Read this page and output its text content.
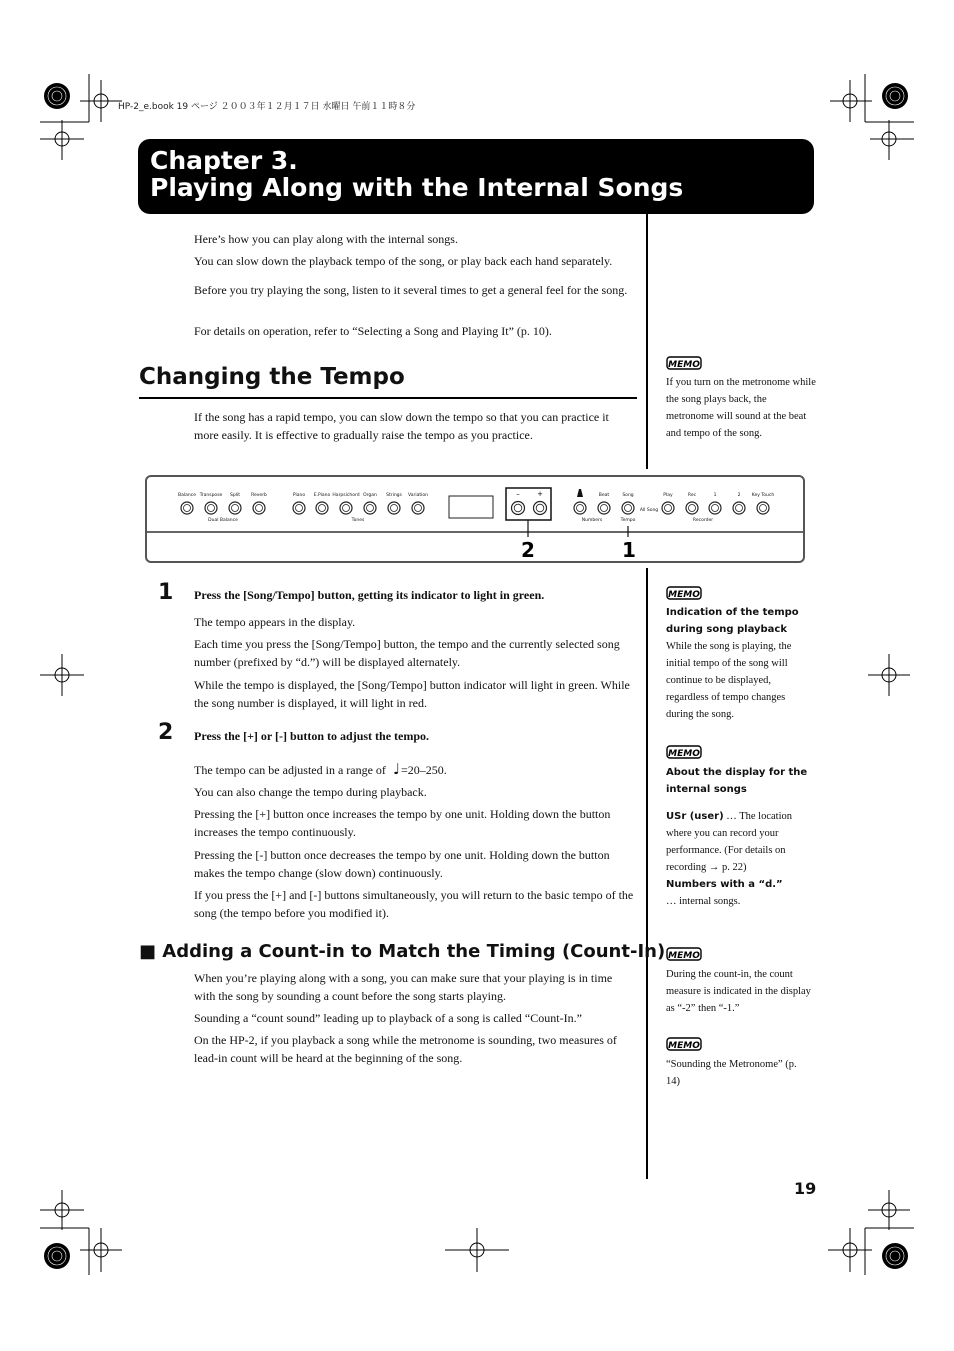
HP-2_e.book 19 ページ ２００３年１２月１７日 水曜日 午前１１時８分
Chapter 3.
Playing Along with the Internal Songs
Here’s how you can play along with the internal songs.
You can slow down the playback tempo of the song, or play back each hand separately.
Before you try playing the song, listen to it several times to get a general feel for the song.
For details on operation, refer to “Selecting a Song and Playing It” (p. 10).
Changing the Tempo
If the song has a rapid tempo, you can slow down the tempo so that you can practice it more easily. It is effective to gradually raise the tempo as you practice.
MEMO
If you turn on the metronome while the song plays back, the metronome will sound at the beat and tempo of the song.
Balance Transpose Split Reverb
Dual Balance
Piano E.Piano Harpsichord Organ Strings Variation
Tones
Beat	Song
Numbers	Tempo
Play	Rec	1	2	Key Touch
All Song
Recorder
– +
2	1
1 Press the [Song/Tempo] button, getting its indicator to light in green.
The tempo appears in the display.
Each time you press the [Song/Tempo] button, the tempo and the currently selected song number (prefixed by “d.”) will be displayed alternately.
While the tempo is displayed, the [Song/Tempo] button indicator will light in green. While the song number is displayed, it will light in red.
2 Press the [+] or [-] button to adjust the tempo.
The tempo can be adjusted in a range of ♩=20–250.
You can also change the tempo during playback.
Pressing the [+] button once increases the tempo by one unit. Holding down the button increases the tempo continuously.
Pressing the [-] button once decreases the tempo by one unit. Holding down the button makes the tempo change (slow down) continuously.
If you press the [+] and [-] buttons simultaneously, you will return to the basic tempo of the song (the tempo before you modified it).
■ Adding a Count-in to Match the Timing (Count-In)
When you’re playing along with a song, you can make sure that your playing is in time with the song by sounding a count before the song starts playing.
Sounding a “count sound” leading up to playback of a song is called “Count-In.”
On the HP-2, if you playback a song while the metronome is sounding, two measures of lead-in count will be heard at the beginning of the song.
MEMO
Indication of the tempo during song playback
While the song is playing, the initial tempo of the song will continue to be displayed, regardless of tempo changes during the song.
MEMO
About the display for the internal songs
USr (user) … The location where you can record your performance. (For details on recording → p. 22)
Numbers with a “d.”
… internal songs.
MEMO
During the count-in, the count measure is indicated in the display as “-2” then “-1.”
MEMO
“Sounding the Metronome” (p. 14)
19
